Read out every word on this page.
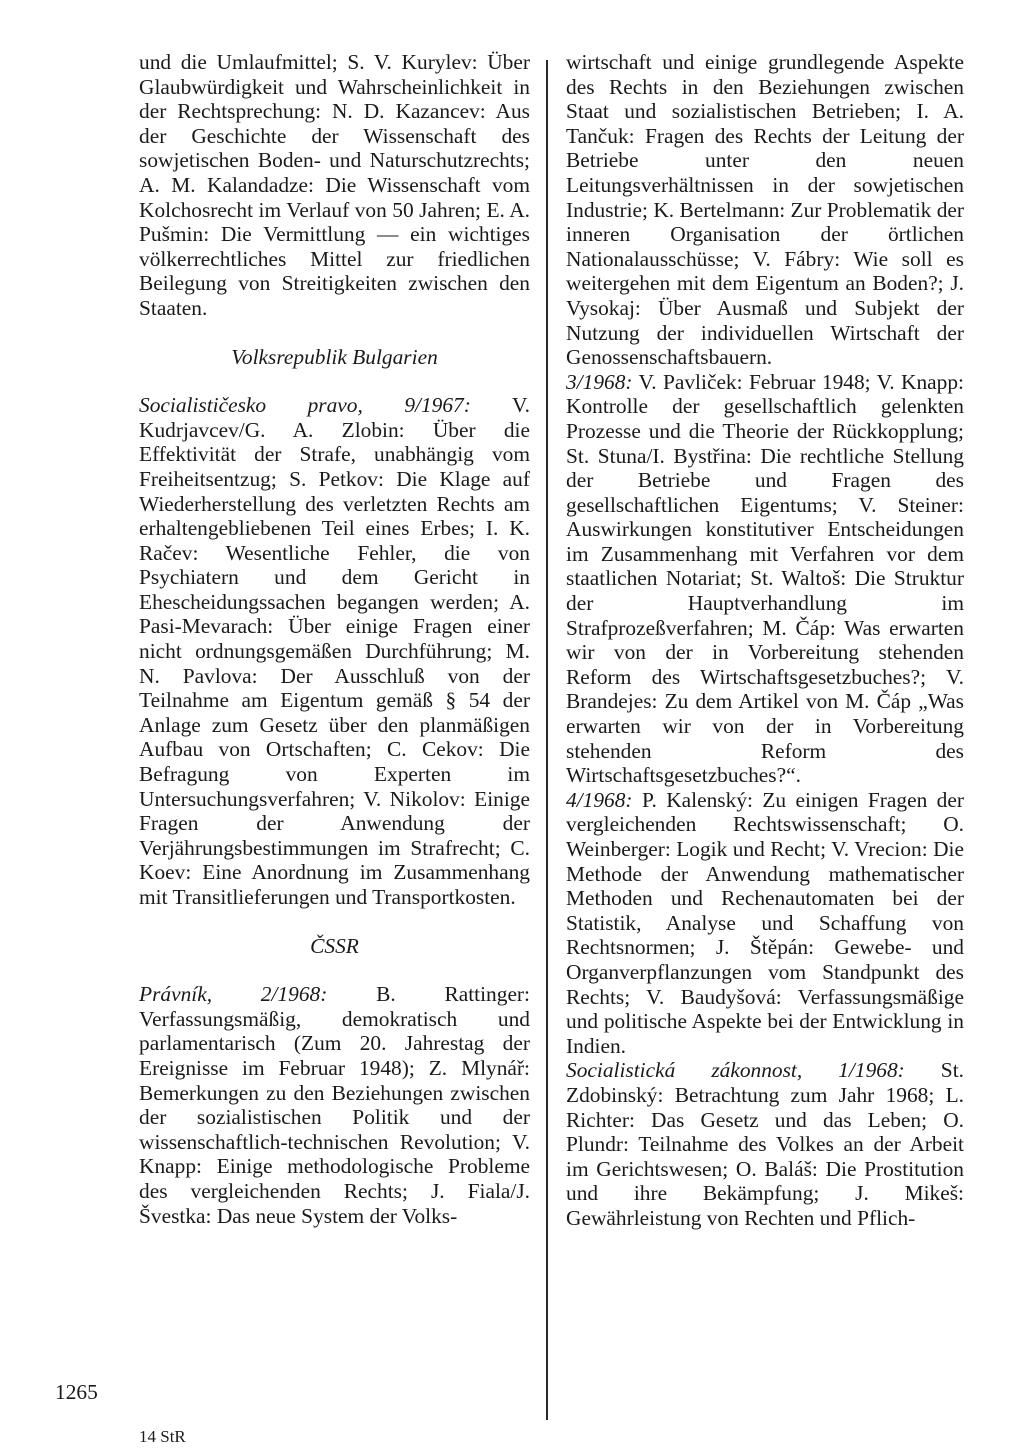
und die Umlaufmittel; S. V. Kurylev: Über Glaubwürdigkeit und Wahrscheinlichkeit in der Rechtsprechung: N. D. Kazancev: Aus der Geschichte der Wissenschaft des sowjetischen Boden- und Naturschutzrechts; A. M. Kalandadze: Die Wissenschaft vom Kolchosrecht im Verlauf von 50 Jahren; E. A. Pušmin: Die Vermittlung — ein wichtiges völkerrechtliches Mittel zur friedlichen Beilegung von Streitigkeiten zwischen den Staaten.

Volksrepublik Bulgarien

Socialističesko pravo, 9/1967: V. Kudrjavcev/G. A. Zlobin: Über die Effektivität der Strafe, unabhängig vom Freiheitsentzug; S. Petkov: Die Klage auf Wiederherstellung des verletzten Rechts am erhaltengebliebenen Teil eines Erbes; I. K. Račev: Wesentliche Fehler, die von Psychiatern und dem Gericht in Ehescheidungssachen begangen werden; A. Pasi-Mevarach: Über einige Fragen einer nicht ordnungsgemäßen Durchführung; M. N. Pavlova: Der Ausschluß von der Teilnahme am Eigentum gemäß § 54 der Anlage zum Gesetz über den planmäßigen Aufbau von Ortschaften; C. Cekov: Die Befragung von Experten im Untersuchungsverfahren; V. Nikolov: Einige Fragen der Anwendung der Verjährungsbestimmungen im Strafrecht; C. Koev: Eine Anordnung im Zusammenhang mit Transitlieferungen und Transportkosten.

ČSSR

Právník, 2/1968: B. Rattinger: Verfassungsmäßig, demokratisch und parlamentarisch (Zum 20. Jahrestag der Ereignisse im Februar 1948); Z. Mlynář: Bemerkungen zu den Beziehungen zwischen der sozialistischen Politik und der wissenschaftlich-technischen Revolution; V. Knapp: Einige methodologische Probleme des vergleichenden Rechts; J. Fiala/J. Švestka: Das neue System der Volks-

wirtschaft und einige grundlegende Aspekte des Rechts in den Beziehungen zwischen Staat und sozialistischen Betrieben; I. A. Tančuk: Fragen des Rechts der Leitung der Betriebe unter den neuen Leitungsverhältnissen in der sowjetischen Industrie; K. Bertelmann: Zur Problematik der inneren Organisation der örtlichen Nationalausschüsse; V. Fábry: Wie soll es weitergehen mit dem Eigentum an Boden?; J. Vysokaj: Über Ausmaß und Subjekt der Nutzung der individuellen Wirtschaft der Genossenschaftsbauern.

3/1968: V. Pavliček: Februar 1948; V. Knapp: Kontrolle der gesellschaftlich gelenkten Prozesse und die Theorie der Rückkopplung; St. Stuna/I. Bystřina: Die rechtliche Stellung der Betriebe und Fragen des gesellschaftlichen Eigentums; V. Steiner: Auswirkungen konstitutiver Entscheidungen im Zusammenhang mit Verfahren vor dem staatlichen Notariat; St. Waltoš: Die Struktur der Hauptverhandlung im Strafprozeßverfahren; M. Čáp: Was erwarten wir von der in Vorbereitung stehenden Reform des Wirtschaftsgesetzbuches?; V. Brandejes: Zu dem Artikel von M. Čáp „Was erwarten wir von der in Vorbereitung stehenden Reform des Wirtschaftsgesetzbuches?“.

4/1968: P. Kalenský: Zu einigen Fragen der vergleichenden Rechtswissenschaft; O. Weinberger: Logik und Recht; V. Vrecion: Die Methode der Anwendung mathematischer Methoden und Rechenautomaten bei der Statistik, Analyse und Schaffung von Rechtsnormen; J. Štěpán: Gewebe- und Organverpflanzungen vom Standpunkt des Rechts; V. Baudyšová: Verfassungsmäßige und politische Aspekte bei der Entwicklung in Indien.

Socialistická zákonnost, 1/1968: St. Zdobinský: Betrachtung zum Jahr 1968; L. Richter: Das Gesetz und das Leben; O. Plundr: Teilnahme des Volkes an der Arbeit im Gerichtswesen; O. Baláš: Die Prostitution und ihre Bekämpfung; J. Mikeš: Gewährleistung von Rechten und Pflich-

1265
14 StR
